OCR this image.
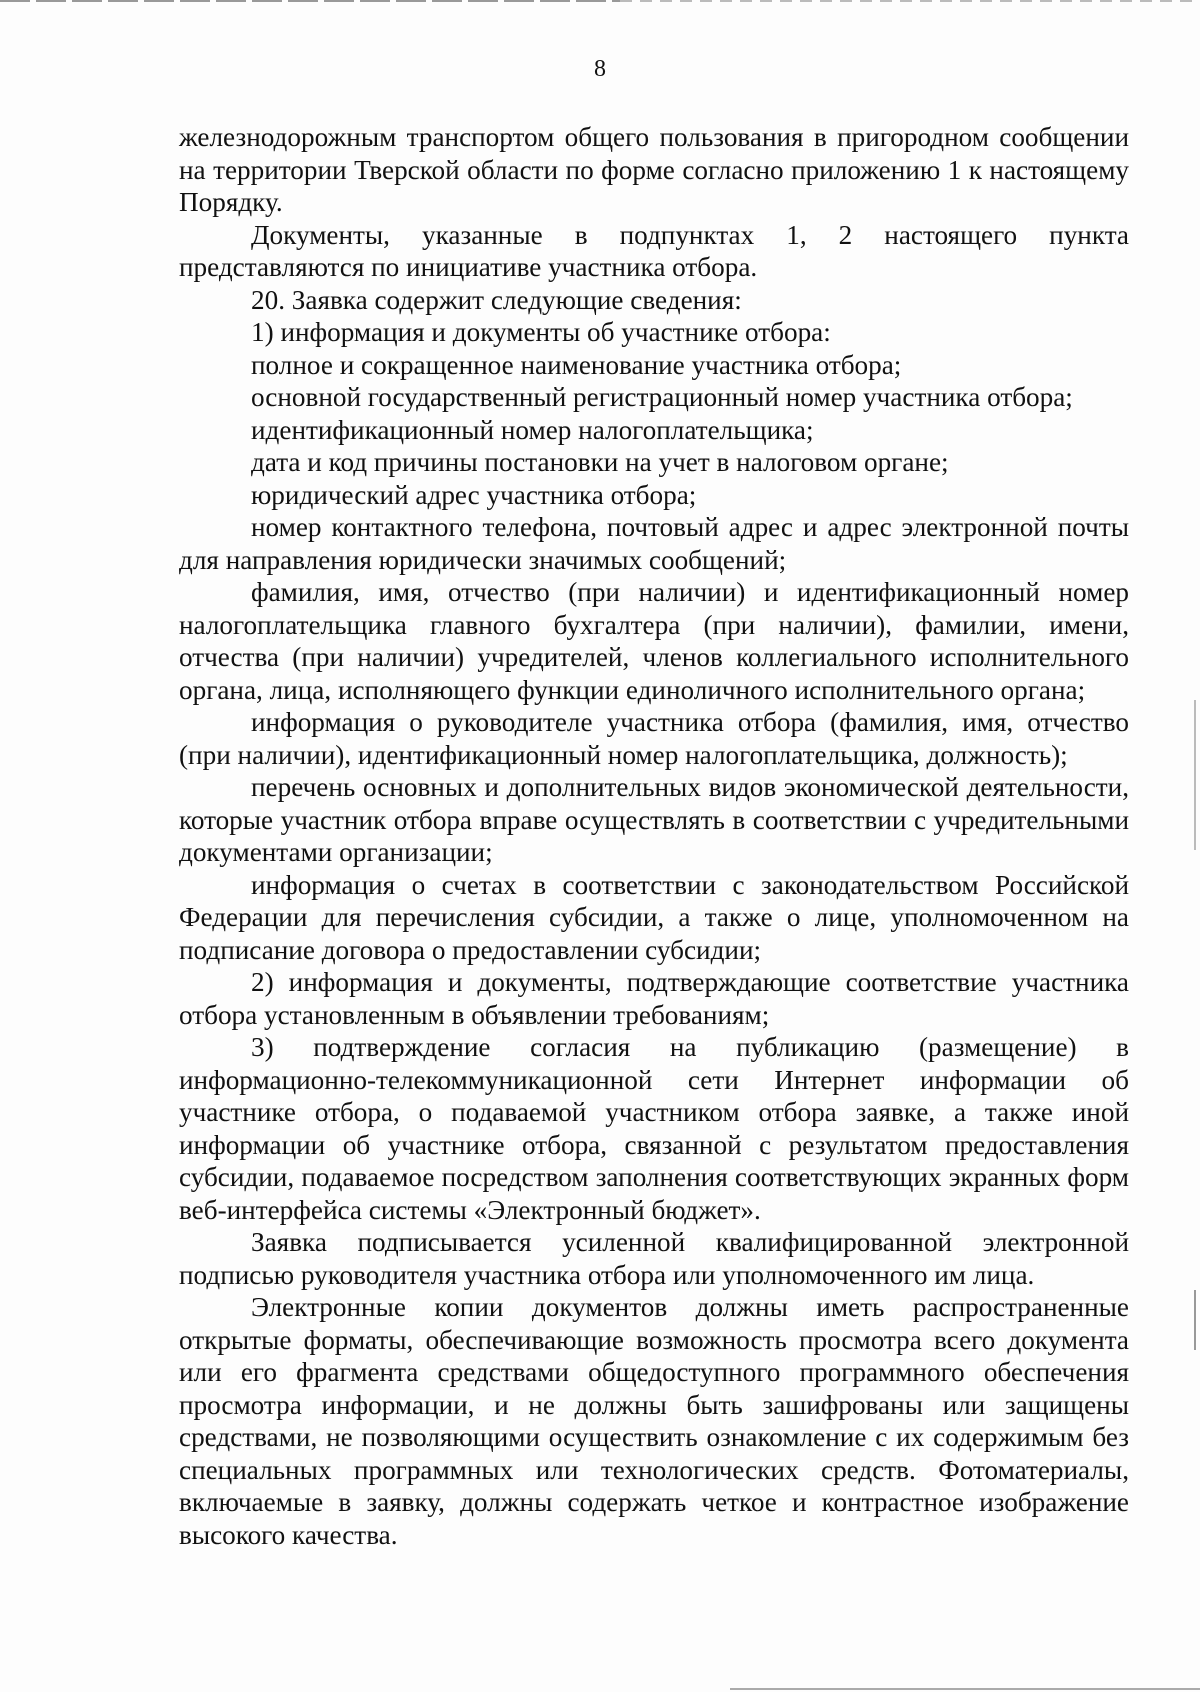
8

железнодорожным транспортом общего пользования в пригородном сообщении на территории Тверской области по форме согласно приложению 1 к настоящему Порядку.

Документы, указанные в подпунктах 1, 2 настоящего пункта представляются по инициативе участника отбора.

20. Заявка содержит следующие сведения:

1) информация и документы об участнике отбора:

полное и сокращенное наименование участника отбора;

основной государственный регистрационный номер участника отбора;

идентификационный номер налогоплательщика;

дата и код причины постановки на учет в налоговом органе;

юридический адрес участника отбора;

номер контактного телефона, почтовый адрес и адрес электронной почты для направления юридически значимых сообщений;

фамилия, имя, отчество (при наличии) и идентификационный номер налогоплательщика главного бухгалтера (при наличии), фамилии, имени, отчества (при наличии) учредителей, членов коллегиального исполнительного органа, лица, исполняющего функции единоличного исполнительного органа;

информация о руководителе участника отбора (фамилия, имя, отчество (при наличии), идентификационный номер налогоплательщика, должность);

перечень основных и дополнительных видов экономической деятельности, которые участник отбора вправе осуществлять в соответствии с учредительными документами организации;

информация о счетах в соответствии с законодательством Российской Федерации для перечисления субсидии, а также о лице, уполномоченном на подписание договора о предоставлении субсидии;

2) информация и документы, подтверждающие соответствие участника отбора установленным в объявлении требованиям;

3) подтверждение согласия на публикацию (размещение) в информационно-телекоммуникационной сети Интернет информации об участнике отбора, о подаваемой участником отбора заявке, а также иной информации об участнике отбора, связанной с результатом предоставления субсидии, подаваемое посредством заполнения соответствующих экранных форм веб-интерфейса системы «Электронный бюджет».

Заявка подписывается усиленной квалифицированной электронной подписью руководителя участника отбора или уполномоченного им лица.

Электронные копии документов должны иметь распространенные открытые форматы, обеспечивающие возможность просмотра всего документа или его фрагмента средствами общедоступного программного обеспечения просмотра информации, и не должны быть зашифрованы или защищены средствами, не позволяющими осуществить ознакомление с их содержимым без специальных программных или технологических средств. Фотоматериалы, включаемые в заявку, должны содержать четкое и контрастное изображение высокого качества.
